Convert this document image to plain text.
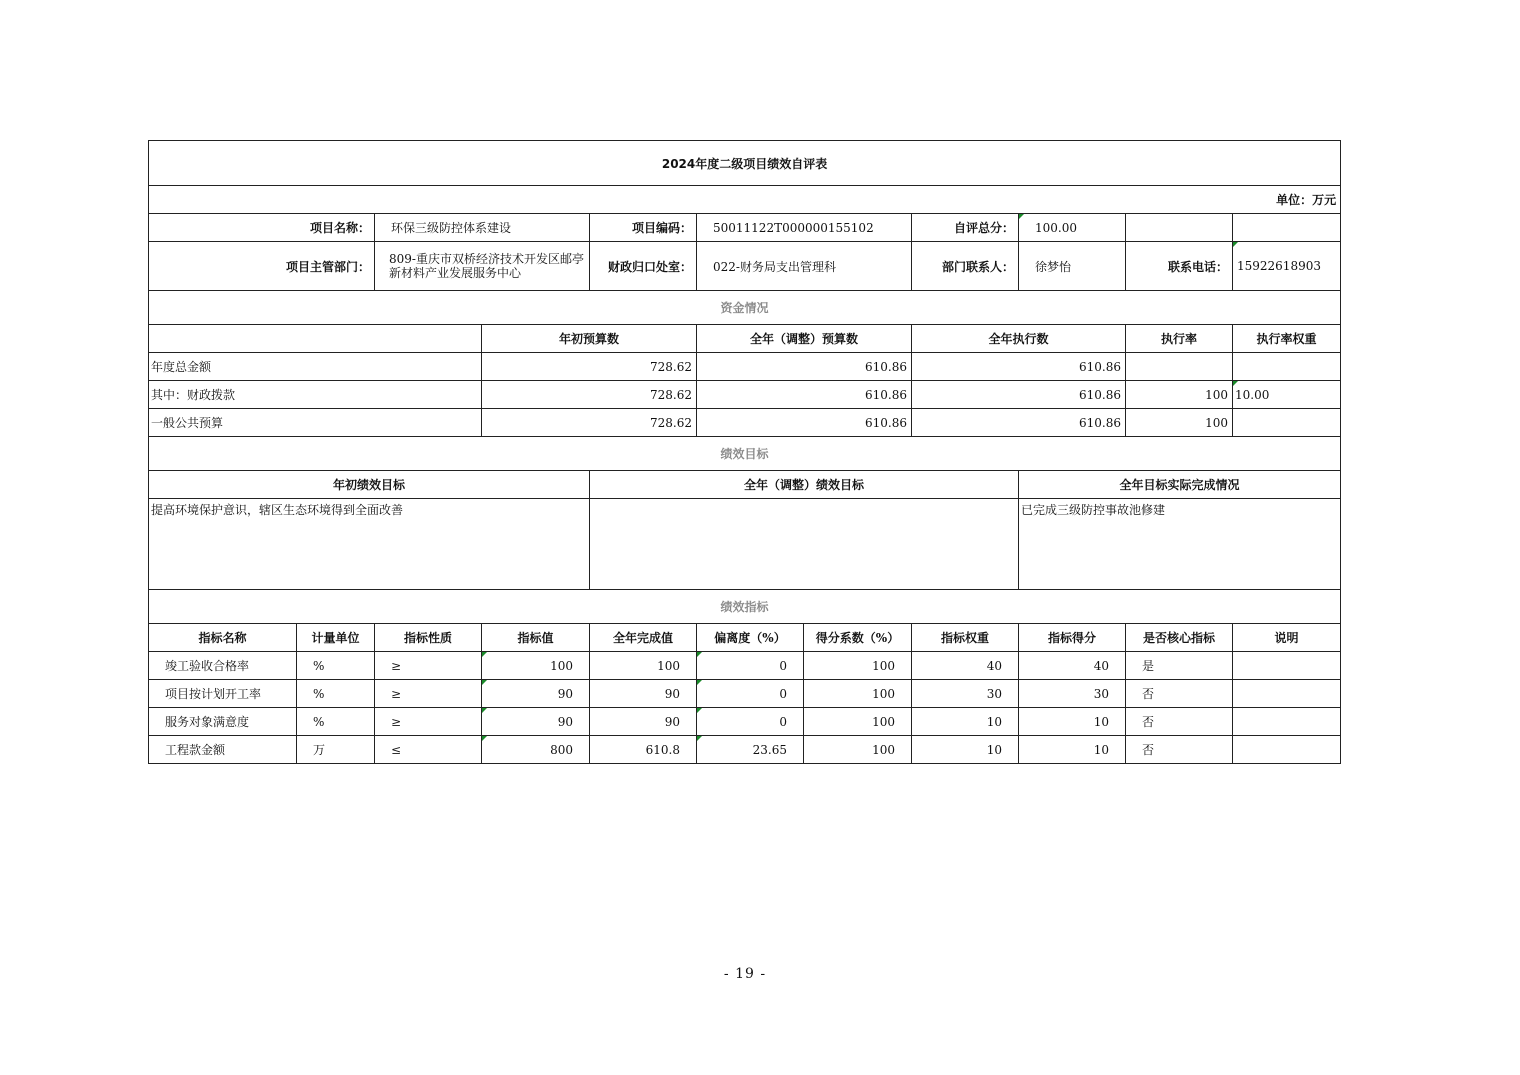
2024年度二级项目绩效自评表											
单位：万元											
项目名称：		环保三级防控体系建设		项目编码：	50011122T000000155102		自评总分：	100.00			
项目主管部门：		809-重庆市双桥经济技术开发区邮亭新材料产业发展服务中心		财政归口处室：	022-财务局支出管理科		部门联系人：	徐梦怡	联系电话：	15922618903	
资金情况											
			年初预算数		全年（调整）预算数		全年执行数		执行率	执行率权重	
年度总金额			728.62		610.86		610.86				
其中：财政拨款			728.62		610.86		610.86		100	10.00	
一般公共预算			728.62		610.86		610.86		100		
绩效目标											
年初绩效目标				全年（调整）绩效目标				全年目标实际完成情况			
提高环境保护意识，辖区生态环境得到全面改善								已完成三级防控事故池修建			
绩效指标											
指标名称	计量单位	指标性质	指标值	全年完成值	偏离度（%）	得分系数（%）	指标权重	指标得分	是否核心指标	说明	
竣工验收合格率	%	≥	100	100	0	100	40	40	是		
项目按计划开工率	%	≥	90	90	0	100	30	30	否		
服务对象满意度	%	≥	90	90	0	100	10	10	否		
工程款金额	万	≤	800	610.8	23.65	100	10	10	否		
- 19 -
